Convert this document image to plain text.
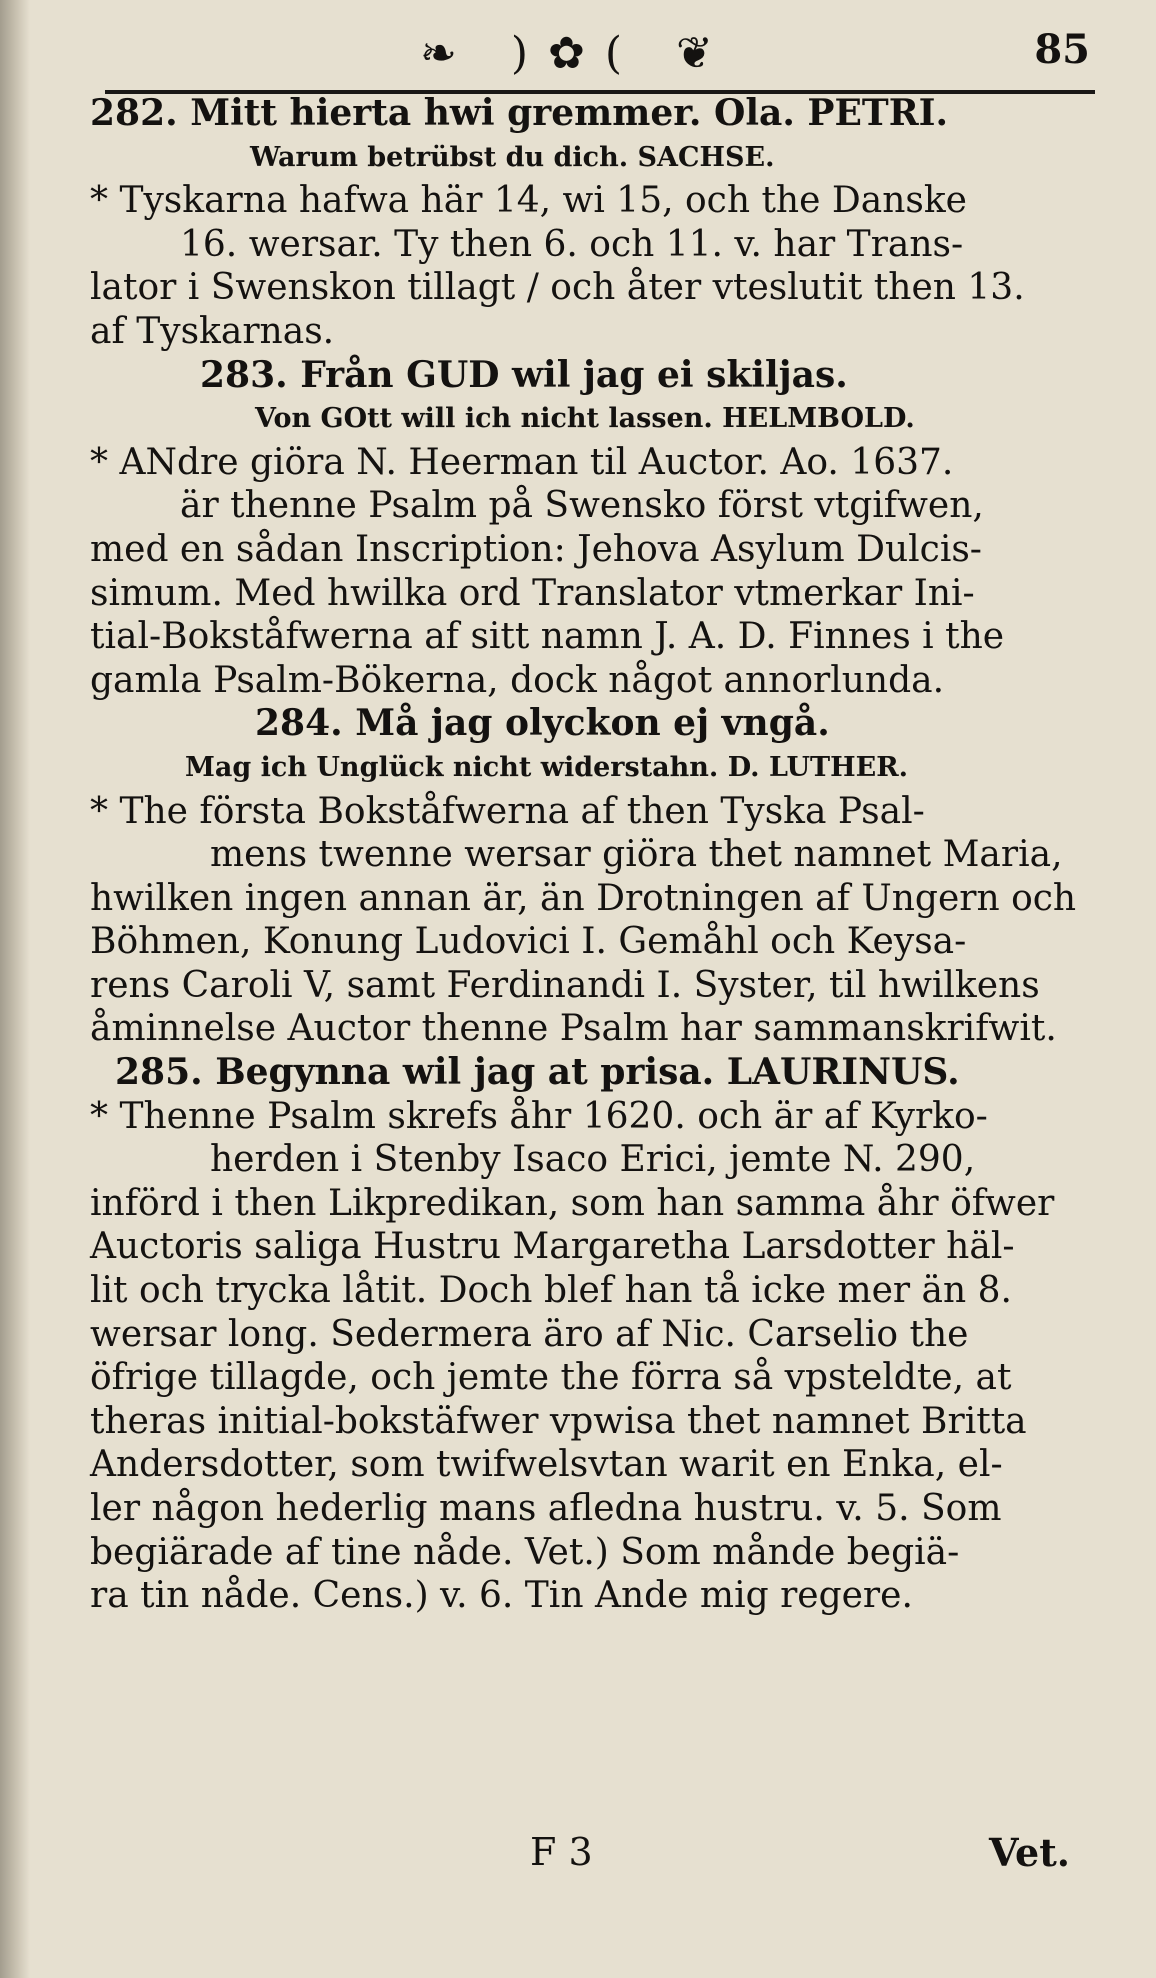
❧ )✿( ❦	85
282. Mitt hierta hwi gremmer. Ola. PETRI.
Warum betrübst du dich. SACHSE.
* Tyskarna hafwa här 14, wi 15, och the Danske
16. wersar. Ty then 6. och 11. v. har Trans-
lator i Swenskon tillagt / och åter vteslutit then 13.
af Tyskarnas.
283. Från GUD wil jag ei skiljas.
Von GOtt will ich nicht lassen. HELMBOLD.
* ANdre giöra N. Heerman til Auctor. Ao. 1637.
är thenne Psalm på Swensko först vtgifwen,
med en sådan Inscription: Jehova Asylum Dulcis-
simum. Med hwilka ord Translator vtmerkar Ini-
tial-Bokståfwerna af sitt namn J. A. D. Finnes i the
gamla Psalm-Bökerna, dock något annorlunda.
284. Må jag olyckon ej vngå.
Mag ich Unglück nicht widerstahn. D. LUTHER.
* The första Bokståfwerna af then Tyska Psal-
mens twenne wersar giöra thet namnet Maria,
hwilken ingen annan är, än Drotningen af Ungern och
Böhmen, Konung Ludovici I. Gemåhl och Keysa-
rens Caroli V, samt Ferdinandi I. Syster, til hwilkens
åminnelse Auctor thenne Psalm har sammanskrifwit.
285. Begynna wil jag at prisa. LAURINUS.
* Thenne Psalm skrefs åhr 1620. och är af Kyrko-
herden i Stenby Isaco Erici, jemte N. 290,
införd i then Likpredikan, som han samma åhr öfwer
Auctoris saliga Hustru Margaretha Larsdotter häl-
lit och trycka låtit. Doch blef han tå icke mer än 8.
wersar long. Sedermera äro af Nic. Carselio the
öfrige tillagde, och jemte the förra så vpsteldte, at
theras initial-bokstäfwer vpwisa thet namnet Britta
Andersdotter, som twifwelsvtan warit en Enka, el-
ler någon hederlig mans afledna hustru. v. 5. Som
begiärade af tine nåde. Vet.) Som månde begiä-
ra tin nåde. Cens.) v. 6. Tin Ande mig regere.
F 3	Vet.
